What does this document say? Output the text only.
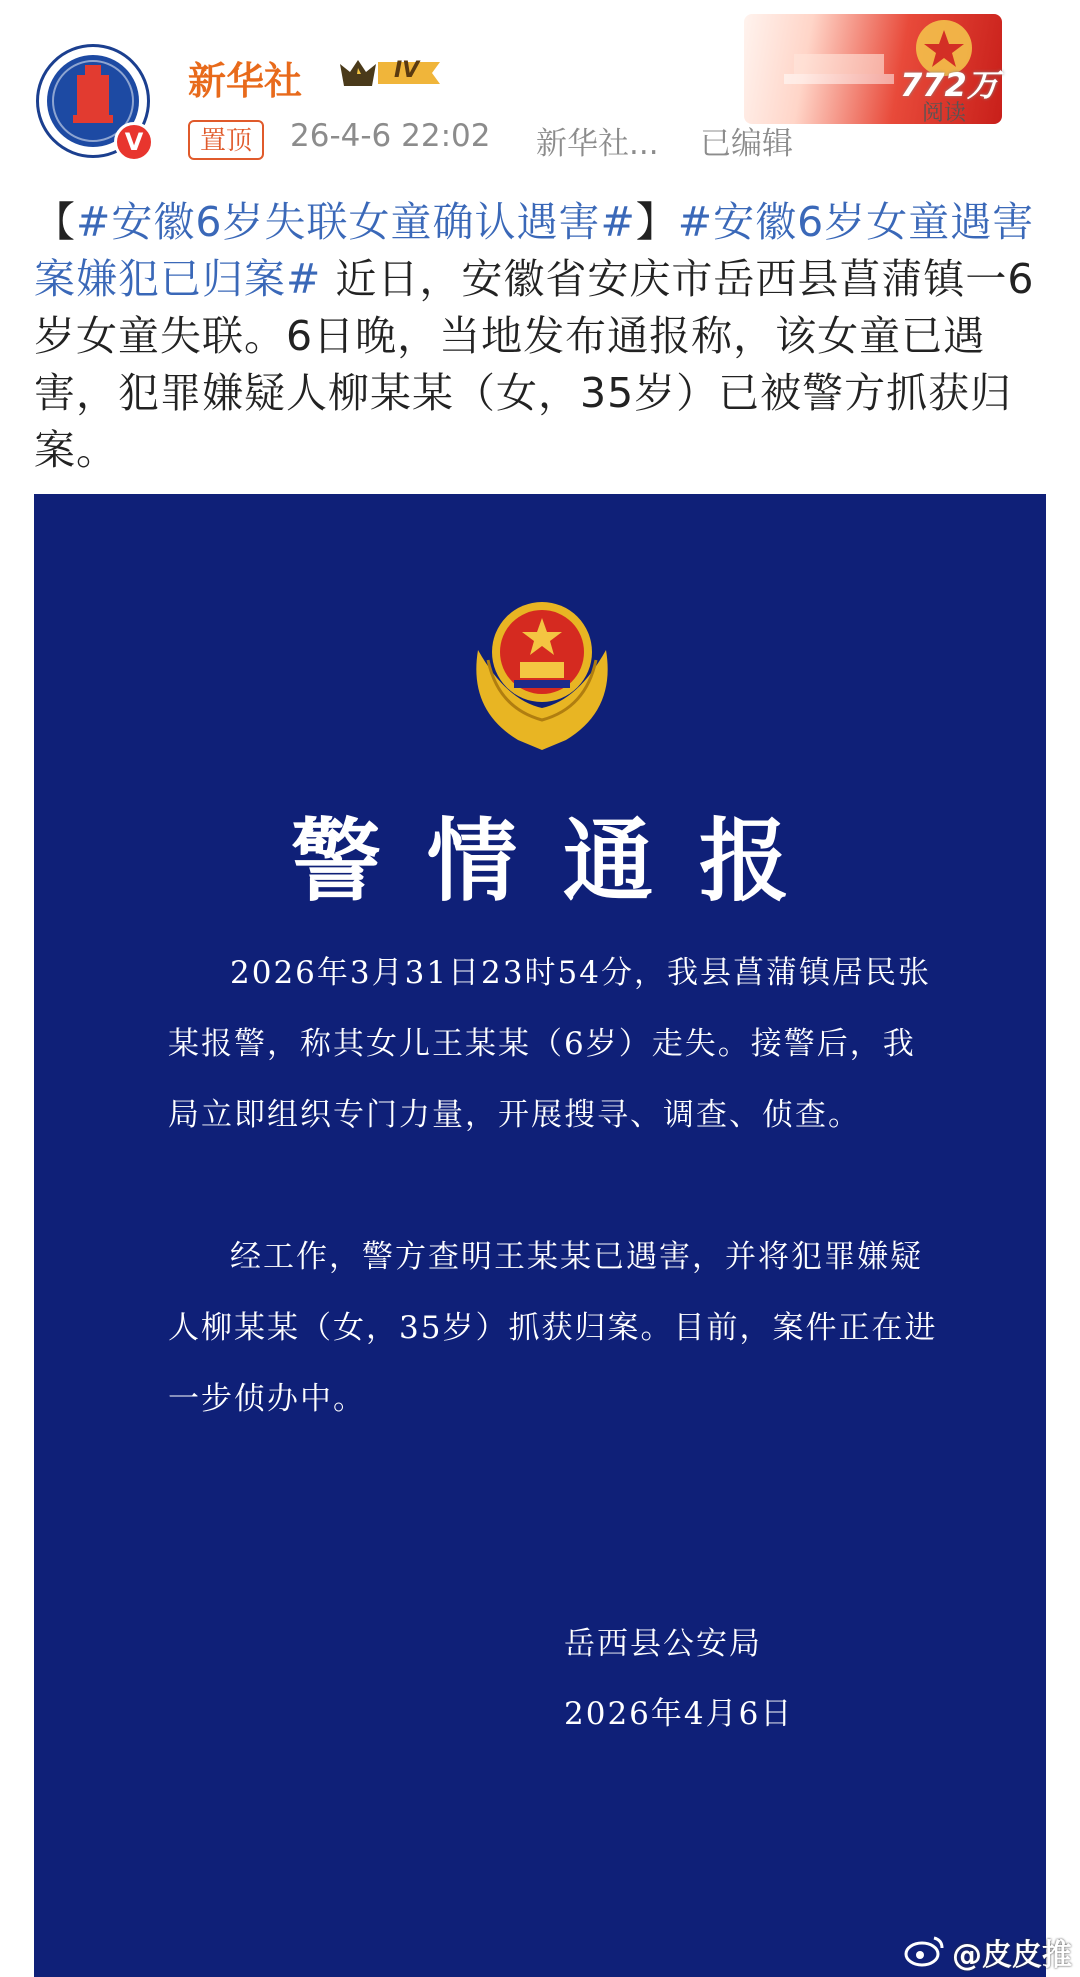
V
新华社	IV
置顶	26-4-6 22:02 新华社... 已编辑
772万
阅读
【#安徽6岁失联女童确认遇害#】#安徽6岁女童遇害案嫌犯已归案# 近日，安徽省安庆市岳西县菖蒲镇一6岁女童失联。6日晚，当地发布通报称，该女童已遇害，犯罪嫌疑人柳某某（女，35岁）已被警方抓获归案。
警情通报
2026年3月31日23时54分，我县菖蒲镇居民张某报警，称其女儿王某某（6岁）走失。接警后，我局立即组织专门力量，开展搜寻、调查、侦查。
经工作，警方查明王某某已遇害，并将犯罪嫌疑人柳某某（女，35岁）抓获归案。目前，案件正在进一步侦办中。
岳西县公安局
2026年4月6日
@皮皮推
